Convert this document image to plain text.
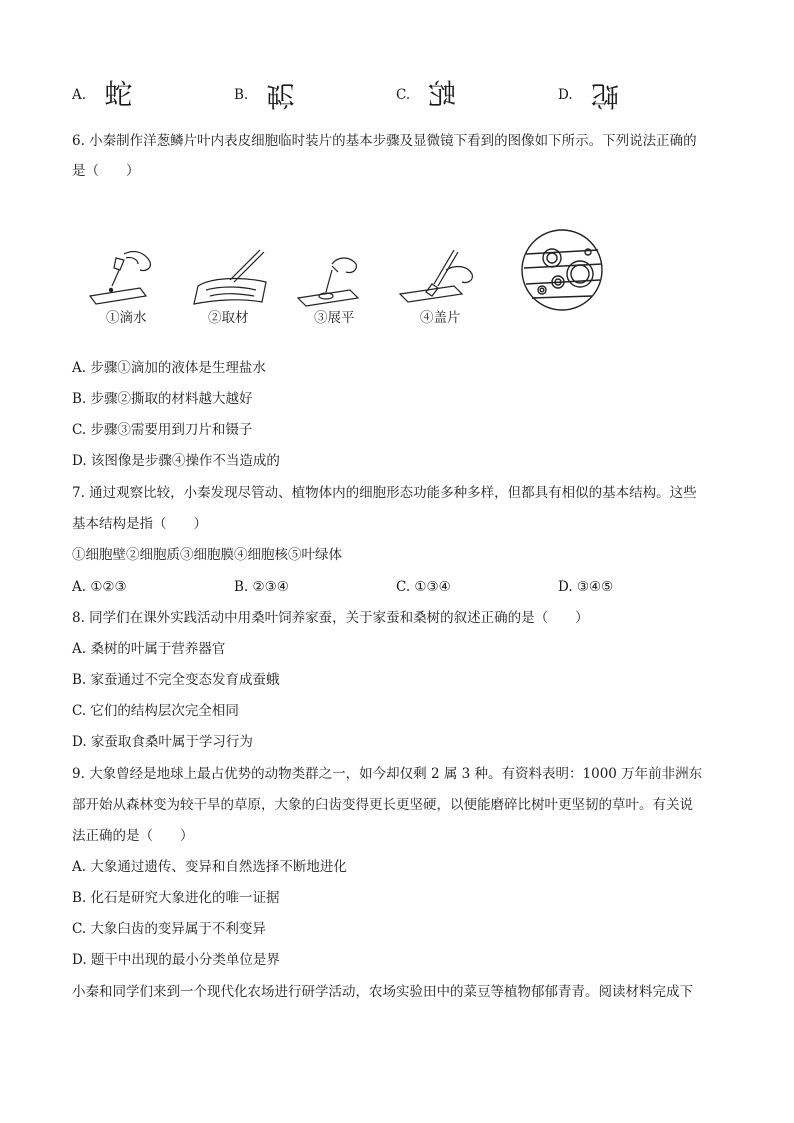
A. 蛇	B. 蛇	C. 蛇	D. 蛇
6. 小秦制作洋葱鳞片叶内表皮细胞临时装片的基本步骤及显微镜下看到的图像如下所示。下列说法正确的
是（　　）
①滴水	②取材	③展平	④盖片
A. 步骤①滴加的液体是生理盐水
B. 步骤②撕取的材料越大越好
C. 步骤③需要用到刀片和镊子
D. 该图像是步骤④操作不当造成的
7. 通过观察比较，小秦发现尽管动、植物体内的细胞形态功能多种多样，但都具有相似的基本结构。这些
基本结构是指（　　）
①细胞壁②细胞质③细胞膜④细胞核⑤叶绿体
A. ①②③	B. ②③④	C. ①③④	D. ③④⑤
8. 同学们在课外实践活动中用桑叶饲养家蚕，关于家蚕和桑树的叙述正确的是（　　）
A. 桑树的叶属于营养器官
B. 家蚕通过不完全变态发育成蚕蛾
C. 它们的结构层次完全相同
D. 家蚕取食桑叶属于学习行为
9. 大象曾经是地球上最占优势的动物类群之一，如今却仅剩 2 属 3 种。有资料表明：1000 万年前非洲东
部开始从森林变为较干旱的草原，大象的臼齿变得更长更坚硬，以便能磨碎比树叶更坚韧的草叶。有关说
法正确的是（　　）
A. 大象通过遗传、变异和自然选择不断地进化
B. 化石是研究大象进化的唯一证据
C. 大象臼齿的变异属于不利变异
D. 题干中出现的最小分类单位是界
小秦和同学们来到一个现代化农场进行研学活动，农场实验田中的菜豆等植物郁郁青青。阅读材料完成下
